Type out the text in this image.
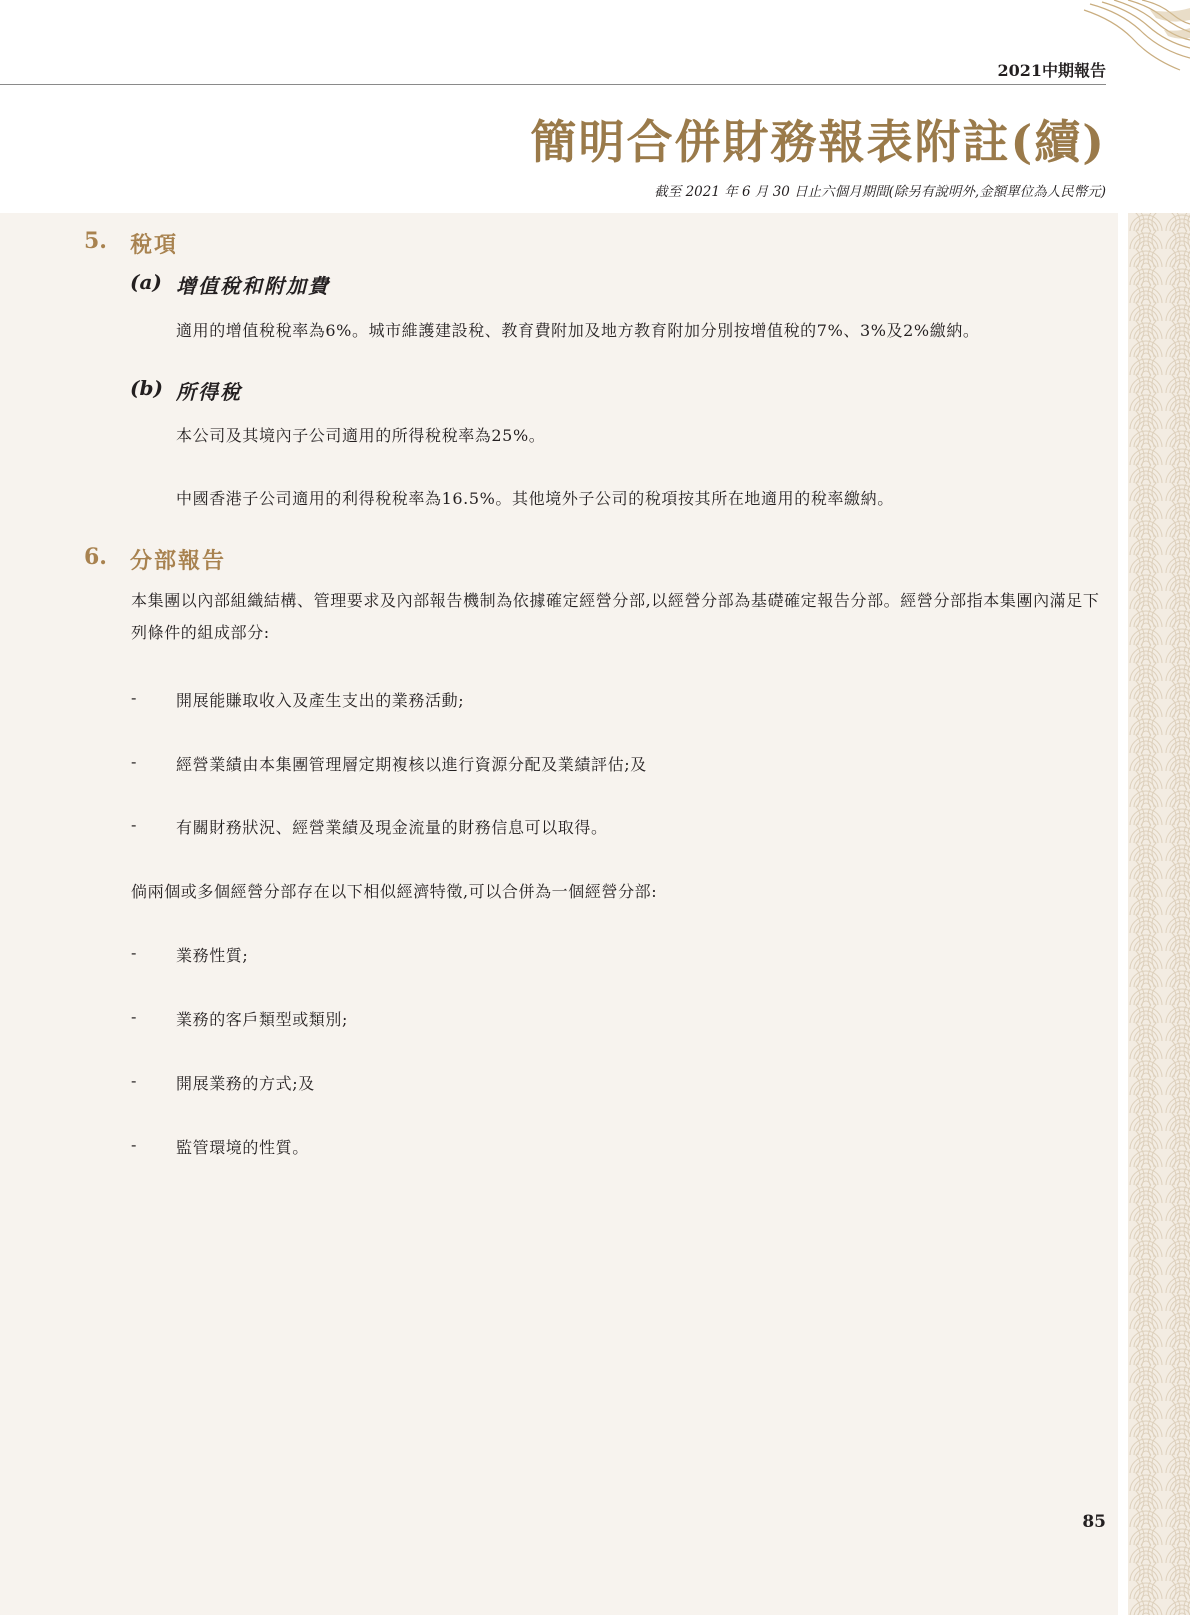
2021中期報告
簡明合併財務報表附註(續)
截至 2021 年 6 月 30 日止六個月期間(除另有說明外,金額單位為人民幣元)
5. 稅項
(a) 增值稅和附加費
適用的增值稅稅率為6%。城市維護建設稅、教育費附加及地方教育附加分別按增值稅的7%、3%及2%繳納。
(b) 所得稅
本公司及其境內子公司適用的所得稅稅率為25%。
中國香港子公司適用的利得稅稅率為16.5%。其他境外子公司的稅項按其所在地適用的稅率繳納。
6. 分部報告
本集團以內部組織結構、管理要求及內部報告機制為依據確定經營分部,以經營分部為基礎確定報告分部。經營分部指本集團內滿足下列條件的組成部分:
- 開展能賺取收入及產生支出的業務活動;
- 經營業績由本集團管理層定期複核以進行資源分配及業績評估;及
- 有關財務狀況、經營業績及現金流量的財務信息可以取得。
倘兩個或多個經營分部存在以下相似經濟特徵,可以合併為一個經營分部:
- 業務性質;
- 業務的客戶類型或類別;
- 開展業務的方式;及
- 監管環境的性質。
85
